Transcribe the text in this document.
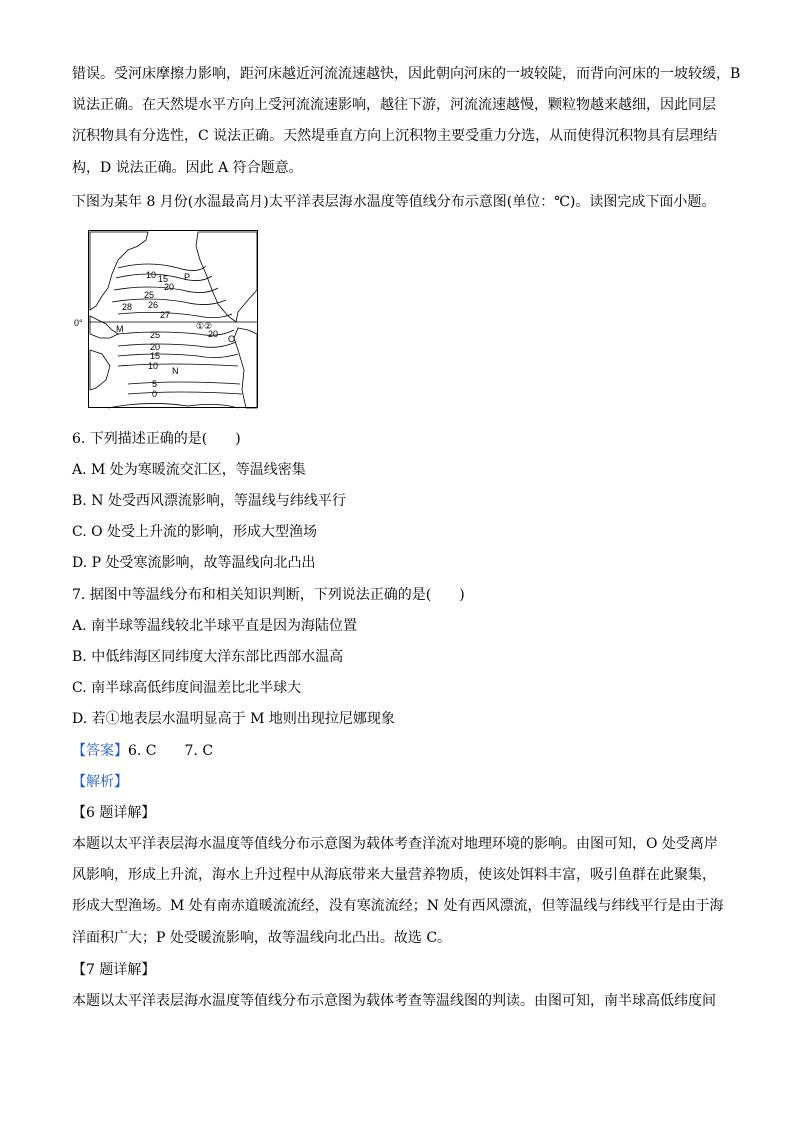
错误。受河床摩擦力影响，距河床越近河流流速越快，因此朝向河床的一坡较陡，而背向河床的一坡较缓，B
说法正确。在天然堤水平方向上受河流流速影响，越往下游，河流流速越慢，颗粒物越来越细，因此同层
沉积物具有分选性，C 说法正确。天然堤垂直方向上沉积物主要受重力分选，从而使得沉积物具有层理结
构，D 说法正确。因此 A 符合题意。

下图为某年 8 月份(水温最高月)太平洋表层海水温度等值线分布示意图(单位：℃)。读图完成下面小题。

0°
10 15
20
25
28 26
27
① ②
25
20
15
10
5
0
P
M
N
O
20

6. 下列描述正确的是(　　)

A. M 处为寒暖流交汇区，等温线密集

B. N 处受西风漂流影响，等温线与纬线平行

C. O 处受上升流的影响，形成大型渔场

D. P 处受寒流影响，故等温线向北凸出

7. 据图中等温线分布和相关知识判断，下列说法正确的是(　　)

A. 南半球等温线较北半球平直是因为海陆位置

B. 中低纬海区同纬度大洋东部比西部水温高

C. 南半球高低纬度间温差比北半球大

D. 若①地表层水温明显高于 M 地则出现拉尼娜现象

【答案】6. C 7. C

【解析】

【6 题详解】

本题以太平洋表层海水温度等值线分布示意图为载体考查洋流对地理环境的影响。由图可知，O 处受离岸
风影响，形成上升流，海水上升过程中从海底带来大量营养物质，使该处饵料丰富，吸引鱼群在此聚集，
形成大型渔场。M 处有南赤道暖流流经，没有寒流流经；N 处有西风漂流，但等温线与纬线平行是由于海
洋面积广大；P 处受暖流影响，故等温线向北凸出。故选 C。

【7 题详解】

本题以太平洋表层海水温度等值线分布示意图为载体考查等温线图的判读。由图可知，南半球高低纬度间
